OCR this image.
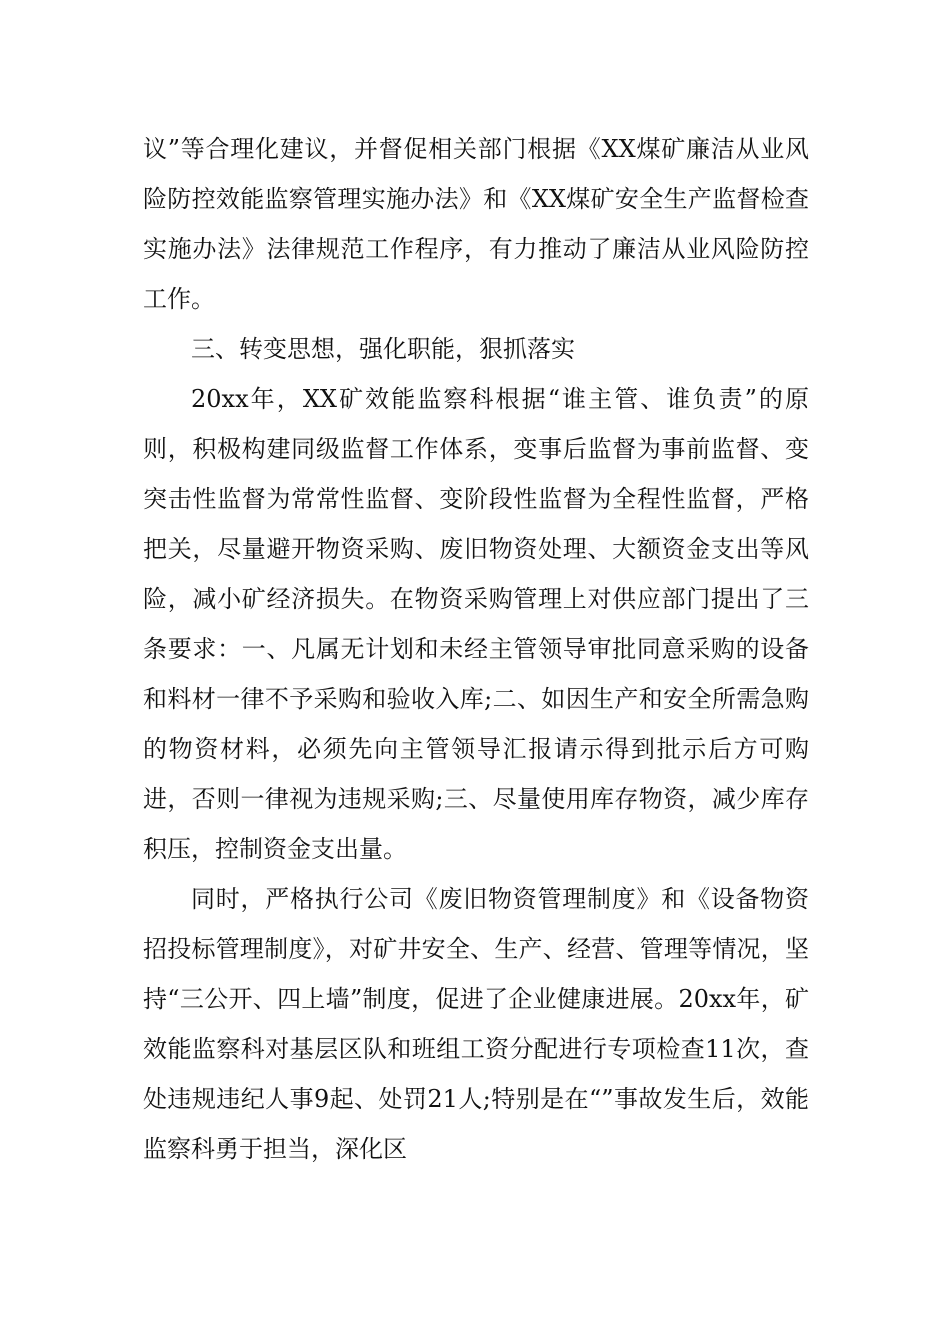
议”等合理化建议，并督促相关部门根据《XX煤矿廉洁从业风险防控效能监察管理实施办法》和《XX煤矿安全生产监督检查实施办法》法律规范工作程序，有力推动了廉洁从业风险防控工作。

三、转变思想，强化职能，狠抓落实

20xx年，XX矿效能监察科根据“谁主管、谁负责”的原则，积极构建同级监督工作体系，变事后监督为事前监督、变突击性监督为常常性监督、变阶段性监督为全程性监督，严格把关，尽量避开物资采购、废旧物资处理、大额资金支出等风险，减小矿经济损失。在物资采购管理上对供应部门提出了三条要求：一、凡属无计划和未经主管领导审批同意采购的设备和料材一律不予采购和验收入库;二、如因生产和安全所需急购的物资材料，必须先向主管领导汇报请示得到批示后方可购进，否则一律视为违规采购;三、尽量使用库存物资，减少库存积压，控制资金支出量。

同时，严格执行公司《废旧物资管理制度》和《设备物资招投标管理制度》，对矿井安全、生产、经营、管理等情况，坚持“三公开、四上墙”制度，促进了企业健康进展。20xx年，矿效能监察科对基层区队和班组工资分配进行专项检查11次，查处违规违纪人事9起、处罚21人;特别是在“”事故发生后，效能监察科勇于担当，深化区
